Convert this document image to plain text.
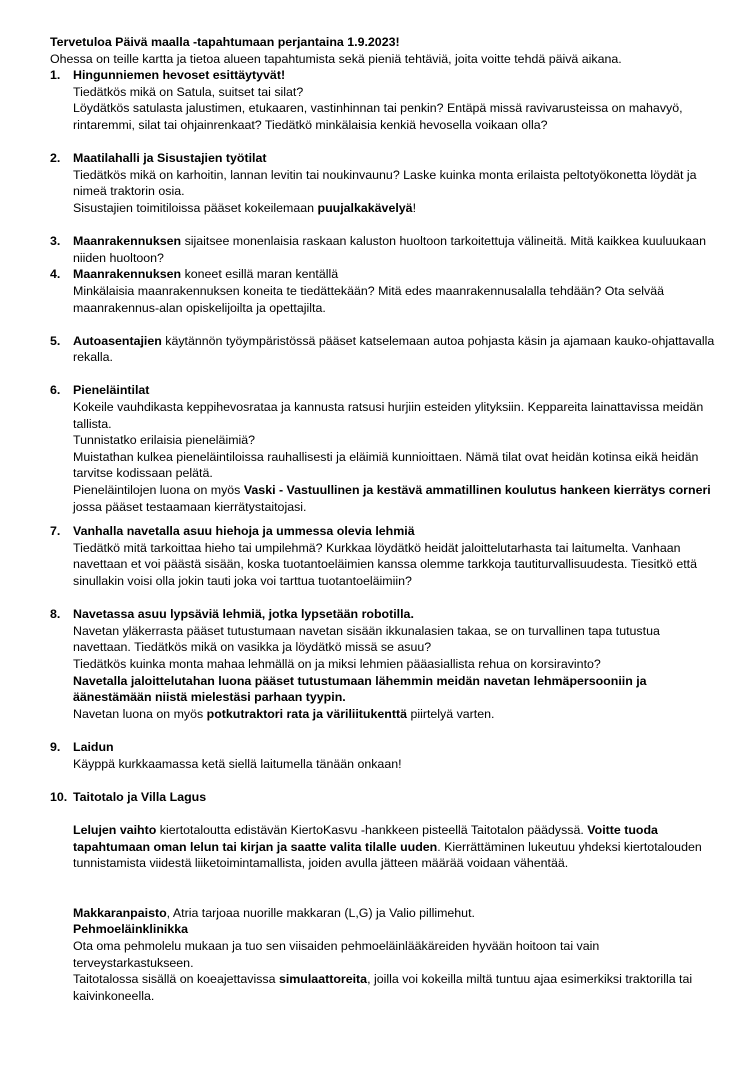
Tervetuloa Päivä maalla -tapahtumaan perjantaina 1.9.2023!

Ohessa on teille kartta ja tietoa alueen tapahtumista sekä pieniä tehtäviä, joita voitte tehdä päivä aikana.

1. Hingunniemen hevoset esittäytyvät!

Tiedätkös mikä on Satula, suitset tai silat?

Löydätkös satulasta jalustimen, etukaaren, vastinhinnan tai penkin? Entäpä missä ravivarusteissa on mahavyö, rintaremmi, silat tai ohjainrenkaat? Tiedätkö minkälaisia kenkiä hevosella voikaan olla?

2. Maatilahalli ja Sisustajien työtilat

Tiedätkös mikä on karhoitin, lannan levitin tai noukinvaunu? Laske kuinka monta erilaista peltotyökonetta löydät ja nimeä traktorin osia.

Sisustajien toimitiloissa pääset kokeilemaan puujalkakävelyä!

3. Maanrakennuksen sijaitsee monenlaisia raskaan kaluston huoltoon tarkoitettuja välineitä. Mitä kaikkea kuuluukaan niiden huoltoon?

4. Maanrakennuksen koneet esillä maran kentällä

Minkälaisia maanrakennuksen koneita te tiedättekään? Mitä edes maanrakennusalalla tehdään? Ota selvää maanrakennus-alan opiskelijoilta ja opettajilta.

5. Autoasentajien käytännön työympäristössä pääset katselemaan autoa pohjasta käsin ja ajamaan kauko-ohjattavalla rekalla.

6. Pieneläintilat

Kokeile vauhdikasta keppihevosrataa ja kannusta ratsusi hurjiin esteiden ylityksiin. Keppareita lainattavissa meidän tallista.

Tunnistatko erilaisia pieneläimiä?

Muistathan kulkea pieneläintiloissa rauhallisesti ja eläimiä kunnioittaen. Nämä tilat ovat heidän kotinsa eikä heidän tarvitse kodissaan pelätä.

Pieneläintilojen luona on myös Vaski - Vastuullinen ja kestävä ammatillinen koulutus hankeen kierrätys corneri jossa pääset testaamaan kierrätystaitojasi.

7. Vanhalla navetalla asuu hiehoja ja ummessa olevia lehmiä

Tiedätkö mitä tarkoittaa hieho tai umpilehmä? Kurkkaa löydätkö heidät jaloittelutarhasta tai laitumelta. Vanhaan navettaan et voi päästä sisään, koska tuotantoeläimien kanssa olemme tarkkoja tautiturvallisuudesta. Tiesitkö että sinullakin voisi olla jokin tauti joka voi tarttua tuotantoeläimiin?

8. Navetassa asuu lypsäviä lehmiä, jotka lypsetään robotilla.

Navetan yläkerrasta pääset tutustumaan navetan sisään ikkunalasien takaa, se on turvallinen tapa tutustua navettaan. Tiedätkös mikä on vasikka ja löydätkö missä se asuu?

Tiedätkös kuinka monta mahaa lehmällä on ja miksi lehmien pääasiallista rehua on korsiravinto?

Navetalla jaloittelutahan luona pääset tutustumaan lähemmin meidän navetan lehmäpersooniin ja äänestämään niistä mielestäsi parhaan tyypin.

Navetan luona on myös potkutraktori rata ja väriliitukenttä piirtelyä varten.

9. Laidun

Käyppä kurkkaamassa ketä siellä laitumella tänään onkaan!

10. Taitotalo ja Villa Lagus

Lelujen vaihto kiertotaloutta edistävän KiertoKasvu -hankkeen pisteellä Taitotalon päädyssä. Voitte tuoda tapahtumaan oman lelun tai kirjan ja saatte valita tilalle uuden. Kierrättäminen lukeutuu yhdeksi kiertotalouden tunnistamista viidestä liiketoimintamallista, joiden avulla jätteen määrää voidaan vähentää.

Makkaranpaisto, Atria tarjoaa nuorille makkaran (L,G) ja Valio pillimehut.

Pehmoeläinklinikka

Ota oma pehmolelu mukaan ja tuo sen viisaiden pehmoeläinlääkäreiden hyvään hoitoon tai vain terveystarkastukseen.

Taitotalossa sisällä on koeajettavissa simulaattoreita, joilla voi kokeilla miltä tuntuu ajaa esimerkiksi traktorilla tai kaivinkoneella.
